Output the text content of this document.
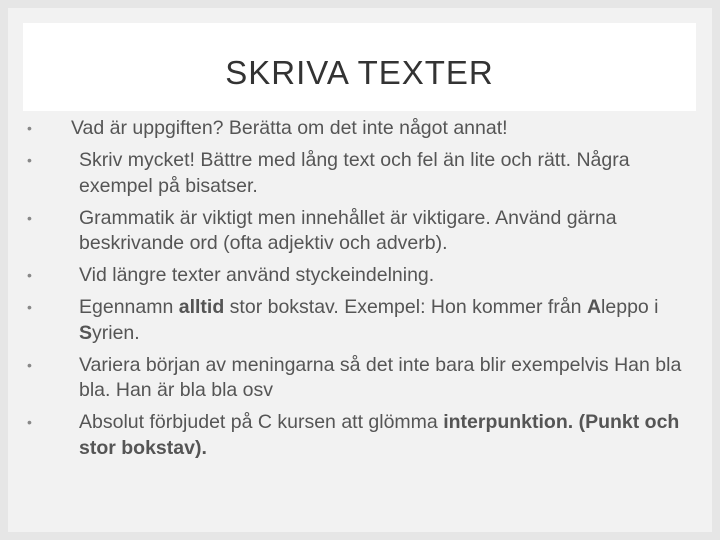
SKRIVA TEXTER
• Vad är uppgiften? Berätta om det inte något annat!
• Skriv mycket! Bättre med lång text och fel än lite och rätt. Några exempel på bisatser.
• Grammatik är viktigt men innehållet är viktigare. Använd gärna beskrivande ord (ofta adjektiv och adverb).
• Vid längre texter använd styckeindelning.
• Egennamn alltid stor bokstav. Exempel: Hon kommer från Aleppo i Syrien.
• Variera början av meningarna så det inte bara blir exempelvis Han bla bla. Han är bla bla osv
• Absolut förbjudet på C kursen att glömma interpunktion. (Punkt och stor bokstav).
